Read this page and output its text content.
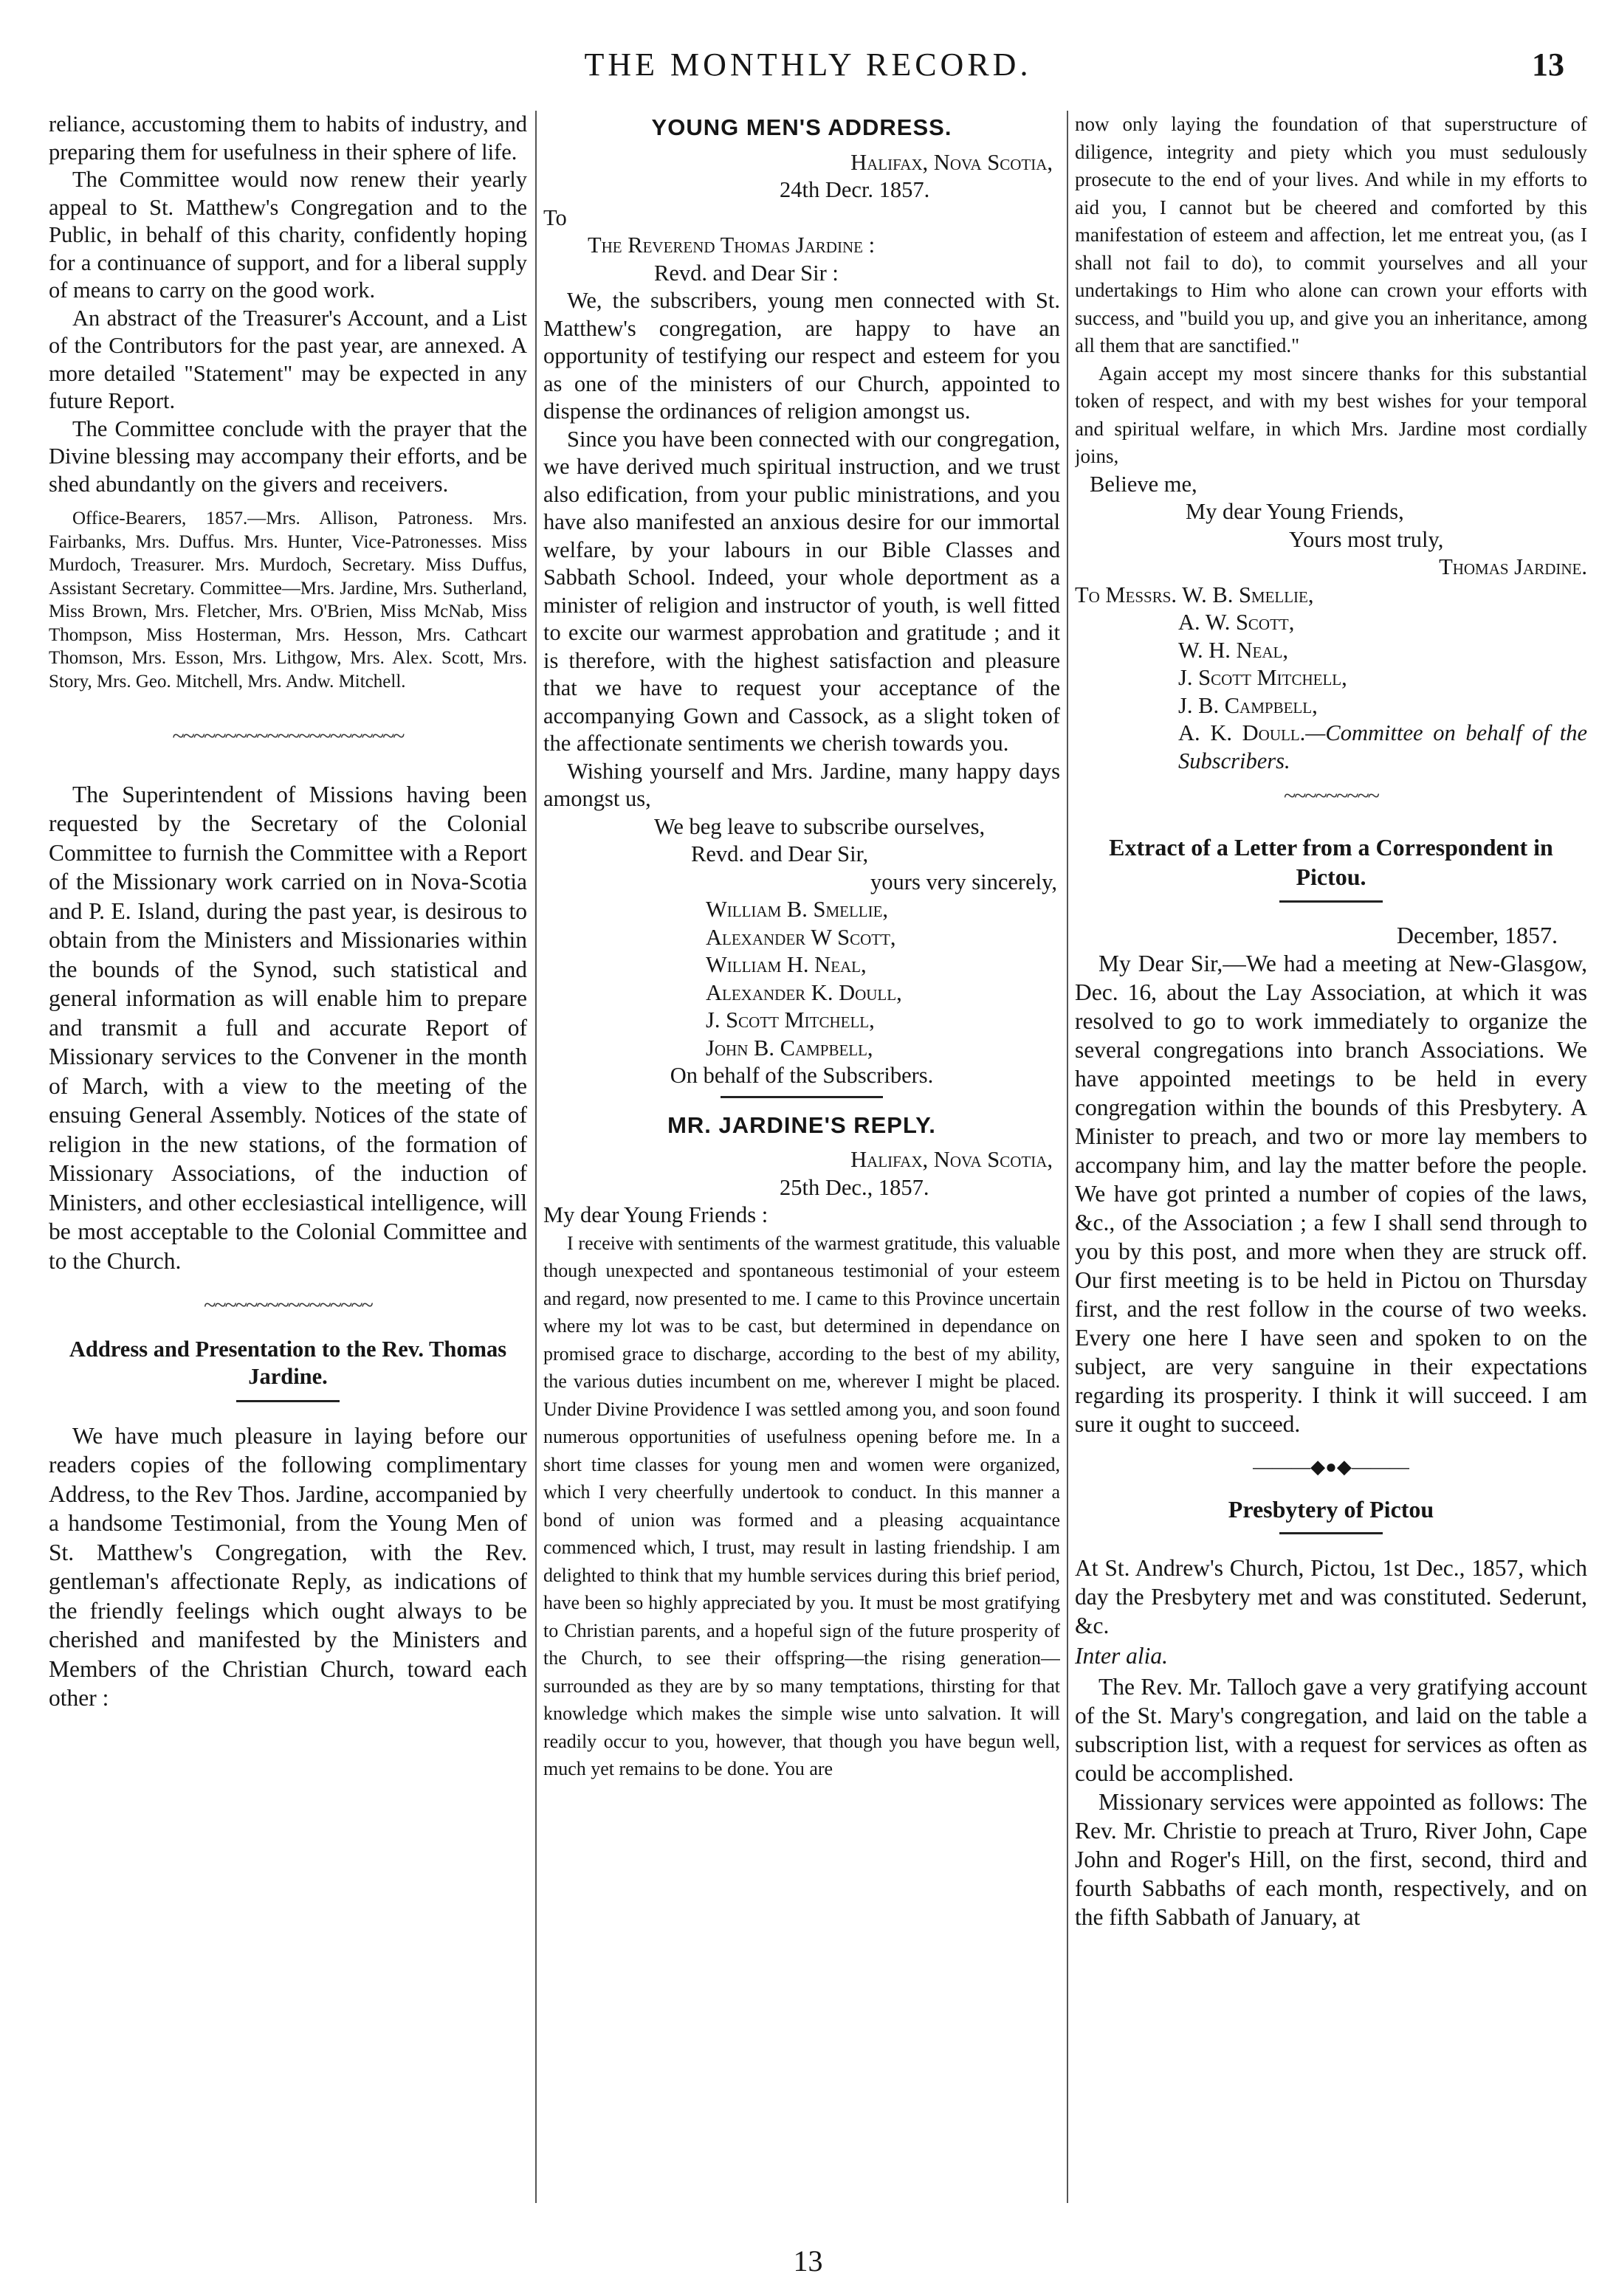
THE MONTHLY RECORD.	13

reliance, accustoming them to habits of industry, and preparing them for usefulness in their sphere of life.

The Committee would now renew their yearly appeal to St. Matthew's Congregation and to the Public, in behalf of this charity, confidently hoping for a continuance of support, and for a liberal supply of means to carry on the good work.

An abstract of the Treasurer's Account, and a List of the Contributors for the past year, are annexed. A more detailed "Statement" may be expected in any future Report.

The Committee conclude with the prayer that the Divine blessing may accompany their efforts, and be shed abundantly on the givers and receivers.

Office-Bearers, 1857.—Mrs. Allison, Patroness. Mrs. Fairbanks, Mrs. Duffus. Mrs. Hunter, Vice-Patronesses. Miss Murdoch, Treasurer. Mrs. Murdoch, Secretary. Miss Duffus, Assistant Secretary. Committee—Mrs. Jardine, Mrs. Sutherland, Miss Brown, Mrs. Fletcher, Mrs. O'Brien, Miss McNab, Miss Thompson, Miss Hosterman, Mrs. Hesson, Mrs. Cathcart Thomson, Mrs. Esson, Mrs. Lithgow, Mrs. Alex. Scott, Mrs. Story, Mrs. Geo. Mitchell, Mrs. Andw. Mitchell.

~~~~~~~~~~~~~~~~~~~~~~

The Superintendent of Missions having been requested by the Secretary of the Colonial Committee to furnish the Committee with a Report of the Missionary work carried on in Nova-Scotia and P. E. Island, during the past year, is desirous to obtain from the Ministers and Missionaries within the bounds of the Synod, such statistical and general information as will enable him to prepare and transmit a full and accurate Report of Missionary services to the Convener in the month of March, with a view to the meeting of the ensuing General Assembly. Notices of the state of religion in the new stations, of the formation of Missionary Associations, of the induction of Ministers, and other ecclesiastical intelligence, will be most acceptable to the Colonial Committee and to the Church.

~~~~~~~~~~~~~~~~

Address and Presentation to the Rev. Thomas Jardine.

We have much pleasure in laying before our readers copies of the following complimentary Address, to the Rev Thos. Jardine, accompanied by a handsome Testimonial, from the Young Men of St. Matthew's Congregation, with the Rev. gentleman's affectionate Reply, as indications of the friendly feelings which ought always to be cherished and manifested by the Ministers and Members of the Christian Church, toward each other :

YOUNG MEN'S ADDRESS.

Halifax, Nova Scotia,

24th Decr. 1857.

To

The Reverend Thomas Jardine :

Revd. and Dear Sir :

We, the subscribers, young men connected with St. Matthew's congregation, are happy to have an opportunity of testifying our respect and esteem for you as one of the ministers of our Church, appointed to dispense the ordinances of religion amongst us.

Since you have been connected with our congregation, we have derived much spiritual instruction, and we trust also edification, from your public ministrations, and you have also manifested an anxious desire for our immortal welfare, by your labours in our Bible Classes and Sabbath School. Indeed, your whole deportment as a minister of religion and instructor of youth, is well fitted to excite our warmest approbation and gratitude ; and it is therefore, with the highest satisfaction and pleasure that we have to request your acceptance of the accompanying Gown and Cassock, as a slight token of the affectionate sentiments we cherish towards you.

Wishing yourself and Mrs. Jardine, many happy days amongst us,

We beg leave to subscribe ourselves,

Revd. and Dear Sir,

yours very sincerely,

William B. Smellie,

Alexander W Scott,

William H. Neal,

Alexander K. Doull,

J. Scott Mitchell,

John B. Campbell,

On behalf of the Subscribers.

MR. JARDINE'S REPLY.

Halifax, Nova Scotia,

25th Dec., 1857.

My dear Young Friends :

I receive with sentiments of the warmest gratitude, this valuable though unexpected and spontaneous testimonial of your esteem and regard, now presented to me. I came to this Province uncertain where my lot was to be cast, but determined in dependance on promised grace to discharge, according to the best of my ability, the various duties incumbent on me, wherever I might be placed. Under Divine Providence I was settled among you, and soon found numerous opportunities of usefulness opening before me. In a short time classes for young men and women were organized, which I very cheerfully undertook to conduct. In this manner a bond of union was formed and a pleasing acquaintance commenced which, I trust, may result in lasting friendship. I am delighted to think that my humble services during this brief period, have been so highly appreciated by you. It must be most gratifying to Christian parents, and a hopeful sign of the future prosperity of the Church, to see their offspring—the rising generation—surrounded as they are by so many temptations, thirsting for that knowledge which makes the simple wise unto salvation. It will readily occur to you, however, that though you have begun well, much yet remains to be done. You are

now only laying the foundation of that superstructure of diligence, integrity and piety which you must sedulously prosecute to the end of your lives. And while in my efforts to aid you, I cannot but be cheered and comforted by this manifestation of esteem and affection, let me entreat you, (as I shall not fail to do), to commit yourselves and all your undertakings to Him who alone can crown your efforts with success, and "build you up, and give you an inheritance, among all them that are sanctified."

Again accept my most sincere thanks for this substantial token of respect, and with my best wishes for your temporal and spiritual welfare, in which Mrs. Jardine most cordially joins,

Believe me,

My dear Young Friends,

Yours most truly,

Thomas Jardine.

To Messrs. W. B. Smellie,

A. W. Scott,

W. H. Neal,

J. Scott Mitchell,

J. B. Campbell,

A. K. Doull.—Committee on behalf of the Subscribers.

~~~~~~~~~

Extract of a Letter from a Correspondent in Pictou.

December, 1857.

My Dear Sir,—We had a meeting at New-Glasgow, Dec. 16, about the Lay Association, at which it was resolved to go to work immediately to organize the several congregations into branch Associations. We have appointed meetings to be held in every congregation within the bounds of this Presbytery. A Minister to preach, and two or more lay members to accompany him, and lay the matter before the people. We have got printed a number of copies of the laws, &c., of the Association ; a few I shall send through to you by this post, and more when they are struck off. Our first meeting is to be held in Pictou on Thursday first, and the rest follow in the course of two weeks. Every one here I have seen and spoken to on the subject, are very sanguine in their expectations regarding its prosperity. I think it will succeed. I am sure it ought to succeed.

———◆●◆———

Presbytery of Pictou

At St. Andrew's Church, Pictou, 1st Dec., 1857, which day the Presbytery met and was constituted. Sederunt, &c.

Inter alia.

The Rev. Mr. Talloch gave a very gratifying account of the St. Mary's congregation, and laid on the table a subscription list, with a request for services as often as could be accomplished.

Missionary services were appointed as follows: The Rev. Mr. Christie to preach at Truro, River John, Cape John and Roger's Hill, on the first, second, third and fourth Sabbaths of each month, respectively, and on the fifth Sabbath of January, at

13
